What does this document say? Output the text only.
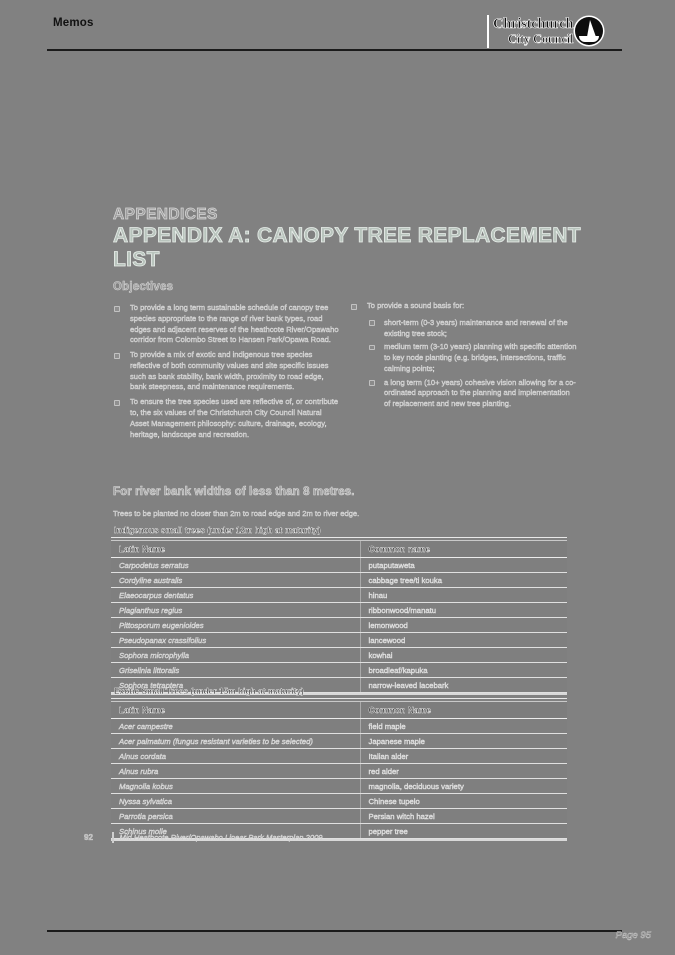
Memos	Christchurch
City Council
APPENDICES
APPENDIX A: CANOPY TREE REPLACEMENT LIST
Objectives
To provide a long term sustainable schedule of canopy tree species appropriate to the range of river bank types, road edges and adjacent reserves of the heathcote River/Opawaho corridor from Colombo Street to Hansen Park/Opawa Road.
To provide a mix of exotic and indigenous tree species reflective of both community values and site specific issues such as bank stability, bank width, proximity to road edge, bank steepness, and maintenance requirements.
To ensure the tree species used are reflective of, or contribute to, the six values of the Christchurch City Council Natural Asset Management philosophy: culture, drainage, ecology, heritage, landscape and recreation.
To provide a sound basis for:
short-term (0-3 years) maintenance and renewal of the existing tree stock;
medium term (3-10 years) planning with specific attention to key node planting (e.g. bridges, intersections, traffic calming points;
a long term (10+ years) cohesive vision allowing for a co-ordinated approach to the planning and implementation of replacement and new tree planting.
For river bank widths of less than 8 metres.
Trees to be planted no closer than 2m to road edge and 2m to river edge.
Indigenous small trees (under 12m high at maturity)
Latin Name	Common name
Carpodetus serratus	putaputaweta
Cordyline australis	cabbage tree/ti kouka
Elaeocarpus dentatus	hinau
Plagianthus regius	ribbonwood/manatu
Pittosporum eugenioides	lemonwood
Pseudopanax crassifolius	lancewood
Sophora microphylla	kowhai
Griselinia littoralis	broadleaf/kapuka
Sophora tetraptera	narrow-leaved lacebark
Exotic Small Trees (under 15m high at maturity)
Latin Name	Common Name
Acer campestre	field maple
Acer palmatum (fungus resistant varieties to be selected)	Japanese maple
Alnus cordata	Italian alder
Alnus rubra	red alder
Magnolia kobus	magnolia, deciduous variety
Nyssa sylvatica	Chinese tupelo
Parrotia persica	Persian witch hazel
Schinus molle	pepper tree
92	Mid Heathcote River/Opawaho Linear Park Masterplan 2009
Page 95
